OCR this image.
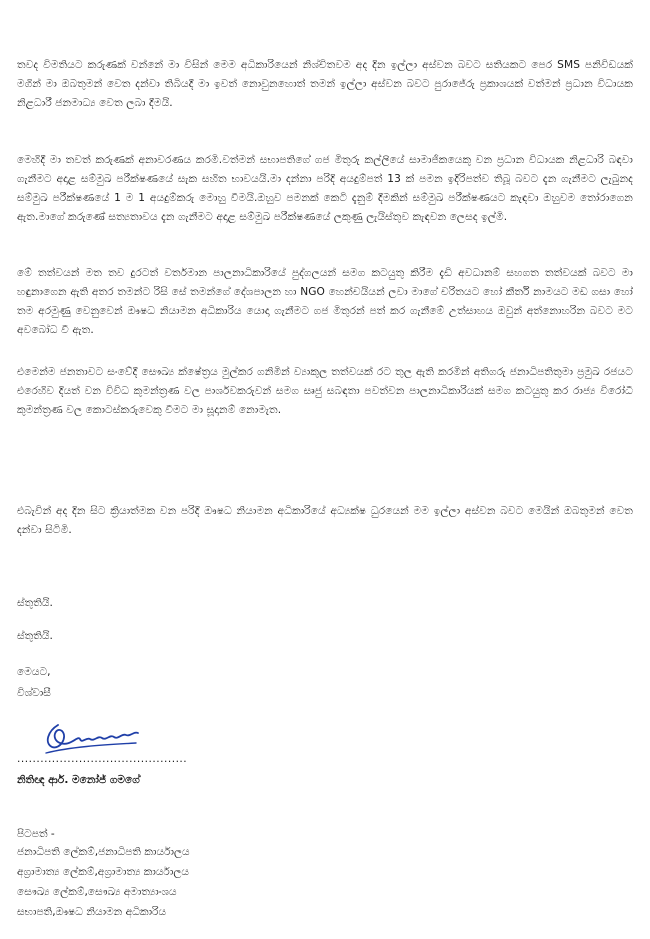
තවද විමතියට කරුණක් වන්නේ මා විසින් මෙම අධිකාරියෙන් නිශ්චිතවම අද දින ඉල්ලා අස්වන බවට සතියකට පෙර SMS පනිවිඩයක් මගින් මා ඔබතුමන් වෙත දන්වා තිබියදී මා ඉවත් නොවුනහොත් තමන් ඉල්ලා අස්වන බවට පුරාජේරු ප්‍රකාශයක් වත්මන් ප්‍රධාන විධායක නිළධාරී ජනමාධ්‍ය වෙත ලබා දීමයි.

මෙහිදී මා තවත් කරුණක් අනාවරණය කරමි.වත්මන් සභාපතිගේ ගජ මිතුරු කල්ලියේ සාමාජිකයෙකු වන ප්‍රධාන විධායක නිළධාරි බඳවා ගැනීමට අදාළ සම්මුඛ පරීක්ෂණයේ සැක සහිත භාවයයි.මා දන්නා පරිදි අයදුම්පත් 13 ක් පමන ඉදිරිපත්ව තිබූ බවට දැන ගැනීමට ලැබුනද සම්මුඛ පරීක්ෂණයේ 1 ම 1 අයදුම්කරු මොහු වීමයි.ඔහුව පමනක් කෙටි දැනුම් දීමකින් සම්මුඛ පරීක්ෂණයට කැඳවා ඔහුවම තෝරාගෙන ඇත.මාගේ කරුණේ සත්‍යතාවය දැන ගැනීමට අදාළ සම්මුඛ පරීක්ෂණයේ ලකුණු ලැයිස්තුව කැඳවන ලෙසද ඉල්මි.

මේ තත්වයන් මත තව දුරටත් වර්තමාන පාලනාධිකාරියේ පුද්ගලයන් සමග කටයුතු කිරීම දැඩි අවධානම් සහගත තත්වයක් බවට මා හඳුනාගෙන ඇති අතර තමන්ට රිසි සේ තමන්ගේ දේශපාලන හා NGO හෙන්චයියන් ලවා මාගේ චරිතයට හෝ කීර්ති නාමයට මඩ ගසා හෝ තම අරමුණු වෙනුවෙන් ඖෂධ නියාමන අධිකාරිය යොදා ගැනීමට ගජ මිතුරන් පත් කර ගැනීමේ උත්සාහය ඔවුන් අත්නොහරින බවට මට අවබෝධ වී ඇත.

එමෙන්ම ජනතාවට සංවේදී සෞඛ්‍ය ක්ෂේත්‍රය මුල්කර ගනිමින් ව්‍යාකුල තත්වයක් රට තුල ඇති කරමින් අතිගරු ජනාධිපතිතුමා ප්‍රමුඛ රජයට එරෙහිව දියත් වන විවිධ කුමන්ත්‍රණ වල පාර්ශවකරුවන් සමග සෘජු සබඳතා පවත්වන පාලනාධිකාරියක් සමග කටයුතු කර රාජ්‍ය විරෝධී කුමන්ත්‍රණ වල කොටස්කරුවෙකු වීමට මා සූදානම් නොමැත.

එබැවින් අද දින සිට ක්‍රියාත්මක වන පරිදි ඖෂධ නියාමන අධිකාරියේ අධ්‍යක්ෂ ධුරයෙන් මම ඉල්ලා අස්වන බවට මෙයින් ඔබතුමන් වෙත දන්වා සිටිමි.

ස්තුතියි.

ස්තුතියි.

මෙයට,

විශ්වාසී

............................................

නිතිඥ ආර්. මනෝජ් ගමගේ

පිටපත් -

ජනාධිපති ලේකම්,ජනාධිපති කාර්යාලය

අග්‍රාමාත්‍ය ලේකම්,අග්‍රාමාත්‍ය කාර්යාලය

සෞඛ්‍ය ලේකම්,සෞඛ්‍ය අමාත්‍යාංශය

සභාපති,ඖෂධ නියාමන අධිකාරිය
